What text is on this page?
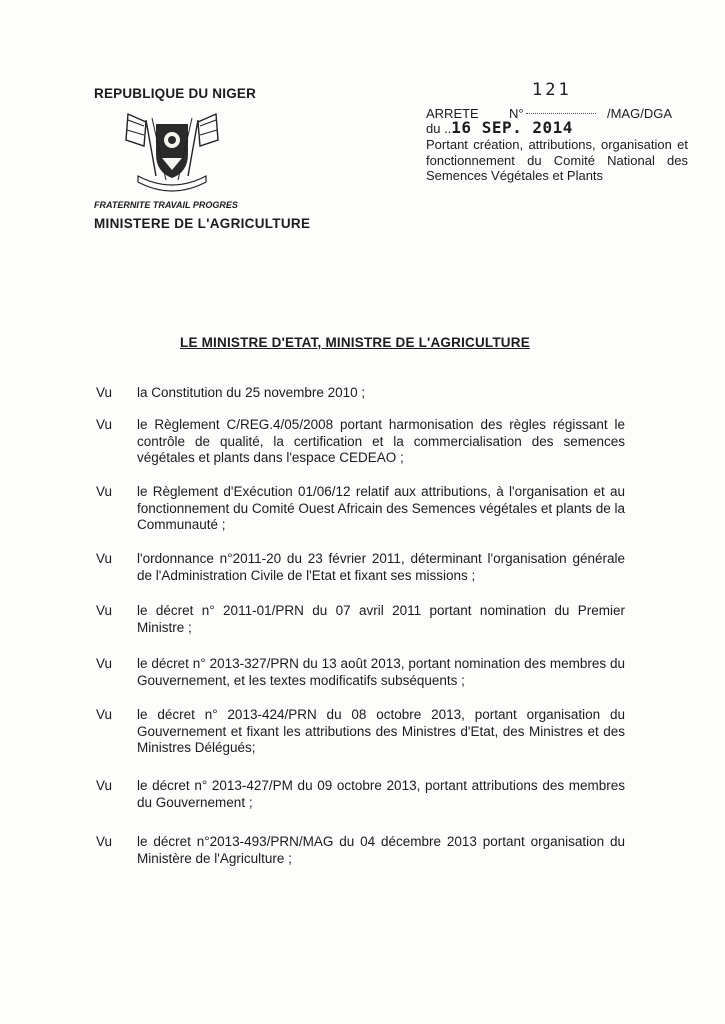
REPUBLIQUE DU NIGER
FRATERNITE TRAVAIL PROGRES
MINISTERE DE L'AGRICULTURE
121
ARRETE N°	/MAG/DGA
du ..16 SEP. 2014
Portant création, attributions, organisation et fonctionnement du Comité National des Semences Végétales et Plants
LE MINISTRE D'ETAT, MINISTRE DE L'AGRICULTURE
Vu la Constitution du 25 novembre 2010 ;
Vu le Règlement C/REG.4/05/2008 portant harmonisation des règles régissant le contrôle de qualité, la certification et la commercialisation des semences végétales et plants dans l'espace CEDEAO ;
Vu le Règlement d'Exécution 01/06/12 relatif aux attributions, à l'organisation et au fonctionnement du Comité Ouest Africain des Semences végétales et plants de la Communauté ;
Vu l'ordonnance n°2011-20 du 23 février 2011, déterminant l'organisation générale de l'Administration Civile de l'Etat et fixant ses missions ;
Vu le décret n° 2011-01/PRN du 07 avril 2011 portant nomination du Premier Ministre ;
Vu le décret n° 2013-327/PRN du 13 août 2013, portant nomination des membres du Gouvernement, et les textes modificatifs subséquents ;
Vu le décret n° 2013-424/PRN du 08 octobre 2013, portant organisation du Gouvernement et fixant les attributions des Ministres d'Etat, des Ministres et des Ministres Délégués;
Vu le décret n° 2013-427/PM du 09 octobre 2013, portant attributions des membres du Gouvernement ;
Vu le décret n°2013-493/PRN/MAG du 04 décembre 2013 portant organisation du Ministère de l'Agriculture ;
